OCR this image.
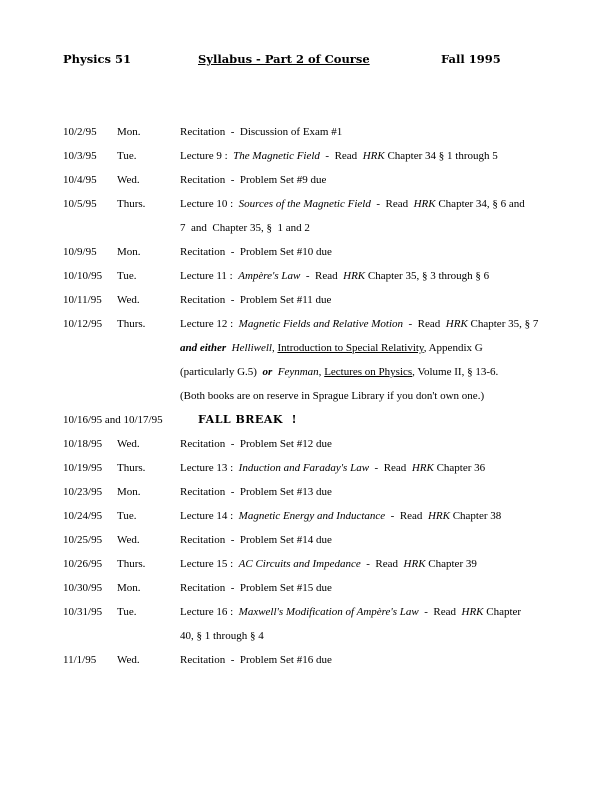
Physics 51	Syllabus - Part 2 of Course	Fall 1995
10/2/95 Mon.	Recitation  -  Discussion of Exam #1
10/3/95 Tue.	Lecture 9 :  The Magnetic Field  -  Read  HRK Chapter 34 § 1 through 5
10/4/95 Wed.	Recitation  -  Problem Set #9 due
10/5/95 Thurs.	Lecture 10 :  Sources of the Magnetic Field  -  Read  HRK Chapter 34, § 6 and
7  and  Chapter 35, §  1 and 2
10/9/95 Mon.	Recitation  -  Problem Set #10 due
10/10/95 Tue.	Lecture 11 :  Ampère's Law  -  Read  HRK Chapter 35, § 3 through § 6
10/11/95 Wed.	Recitation  -  Problem Set #11 due
10/12/95 Thurs.	Lecture 12 :  Magnetic Fields and Relative Motion  -  Read  HRK Chapter 35, § 7
and either Helliwell, Introduction to Special Relativity, Appendix G
(particularly G.5) or Feynman, Lectures on Physics, Volume II, § 13-6.
(Both books are on reserve in Sprague Library if you don't own one.)
10/16/95 and 10/17/95	FALL BREAK  !
10/18/95 Wed.	Recitation  -  Problem Set #12 due
10/19/95 Thurs.	Lecture 13 :  Induction and Faraday's Law  -  Read  HRK Chapter 36
10/23/95 Mon.	Recitation  -  Problem Set #13 due
10/24/95 Tue.	Lecture 14 :  Magnetic Energy and Inductance  -  Read  HRK Chapter 38
10/25/95 Wed.	Recitation  -  Problem Set #14 due
10/26/95 Thurs.	Lecture 15 :  AC Circuits and Impedance  -  Read  HRK Chapter 39
10/30/95 Mon.	Recitation  -  Problem Set #15 due
10/31/95 Tue.	Lecture 16 :  Maxwell's Modification of Ampère's Law  -  Read  HRK Chapter
40, § 1 through § 4
11/1/95 Wed.	Recitation  -  Problem Set #16 due
